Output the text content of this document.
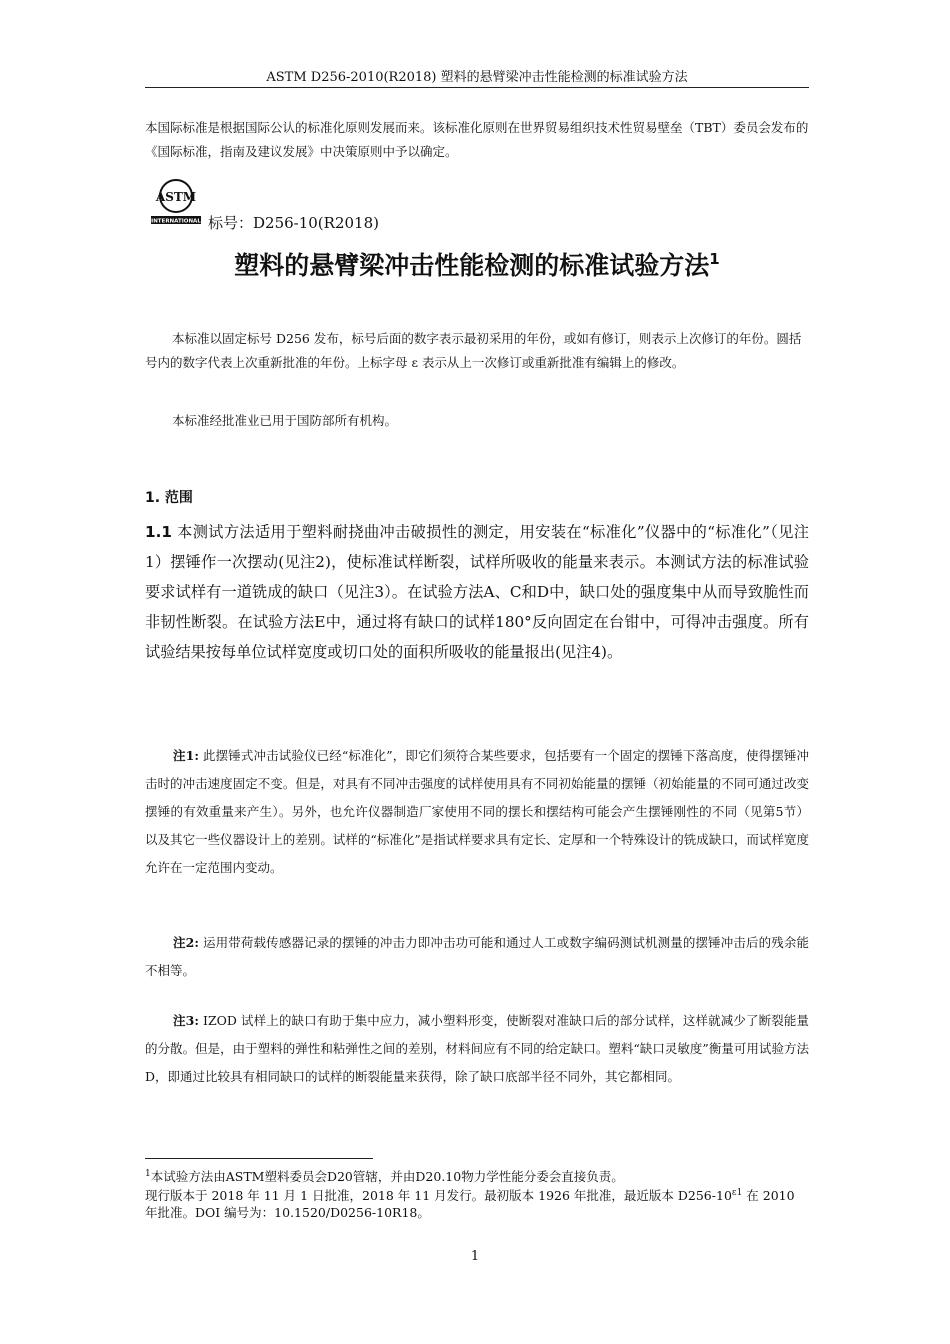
ASTM D256-2010(R2018) 塑料的悬臂梁冲击性能检测的标准试验方法
本国际标准是根据国际公认的标准化原则发展而来。该标准化原则在世界贸易组织技术性贸易壁垒（TBT）委员会发布的《国际标准，指南及建议发展》中决策原则中予以确定。
ASTM
INTERNATIONAL 标号：D256-10(R2018)
塑料的悬臂梁冲击性能检测的标准试验方法$^1$
本标准以固定标号 D256 发布，标号后面的数字表示最初采用的年份，或如有修订，则表示上次修订的年份。圆括号内的数字代表上次重新批准的年份。上标字母 ε 表示从上一次修订或重新批准有编辑上的修改。
本标准经批准业已用于国防部所有机构。
1. 范围
1.1 本测试方法适用于塑料耐挠曲冲击破损性的测定，用安装在“标准化”仪器中的“标准化”（见注1）摆锤作一次摆动(见注2)，使标准试样断裂，试样所吸收的能量来表示。本测试方法的标准试验要求试样有一道铣成的缺口（见注3）。在试验方法A、C和D中，缺口处的强度集中从而导致脆性而非韧性断裂。在试验方法E中，通过将有缺口的试样180°反向固定在台钳中，可得冲击强度。所有试验结果按每单位试样宽度或切口处的面积所吸收的能量报出(见注4)。
注1: 此摆锤式冲击试验仪已经“标准化”，即它们须符合某些要求，包括要有一个固定的摆锤下落高度，使得摆锤冲击时的冲击速度固定不变。但是，对具有不同冲击强度的试样使用具有不同初始能量的摆锤（初始能量的不同可通过改变摆锤的有效重量来产生）。另外，也允许仪器制造厂家使用不同的摆长和摆结构可能会产生摆锤刚性的不同（见第5节）以及其它一些仪器设计上的差别。试样的“标准化”是指试样要求具有定长、定厚和一个特殊设计的铣成缺口，而试样宽度允许在一定范围内变动。
注2: 运用带荷载传感器记录的摆锤的冲击力即冲击功可能和通过人工或数字编码测试机测量的摆锤冲击后的残余能不相等。
注3: IZOD 试样上的缺口有助于集中应力，减小塑料形变，使断裂对准缺口后的部分试样，这样就减少了断裂能量的分散。但是，由于塑料的弹性和粘弹性之间的差别，材料间应有不同的给定缺口。塑料“缺口灵敏度”衡量可用试验方法D，即通过比较具有相同缺口的试样的断裂能量来获得，除了缺口底部半径不同外，其它都相同。
$^1$本试验方法由ASTM塑料委员会D20管辖，并由D20.10物力学性能分委会直接负责。
现行版本于 2018 年 11 月 1 日批准，2018 年 11 月发行。最初版本 1926 年批准，最近版本 $D256-10^{\varepsilon 1}$ 在 2010 年批准。DOI 编号为：10.1520/D0256-10R18。
1
